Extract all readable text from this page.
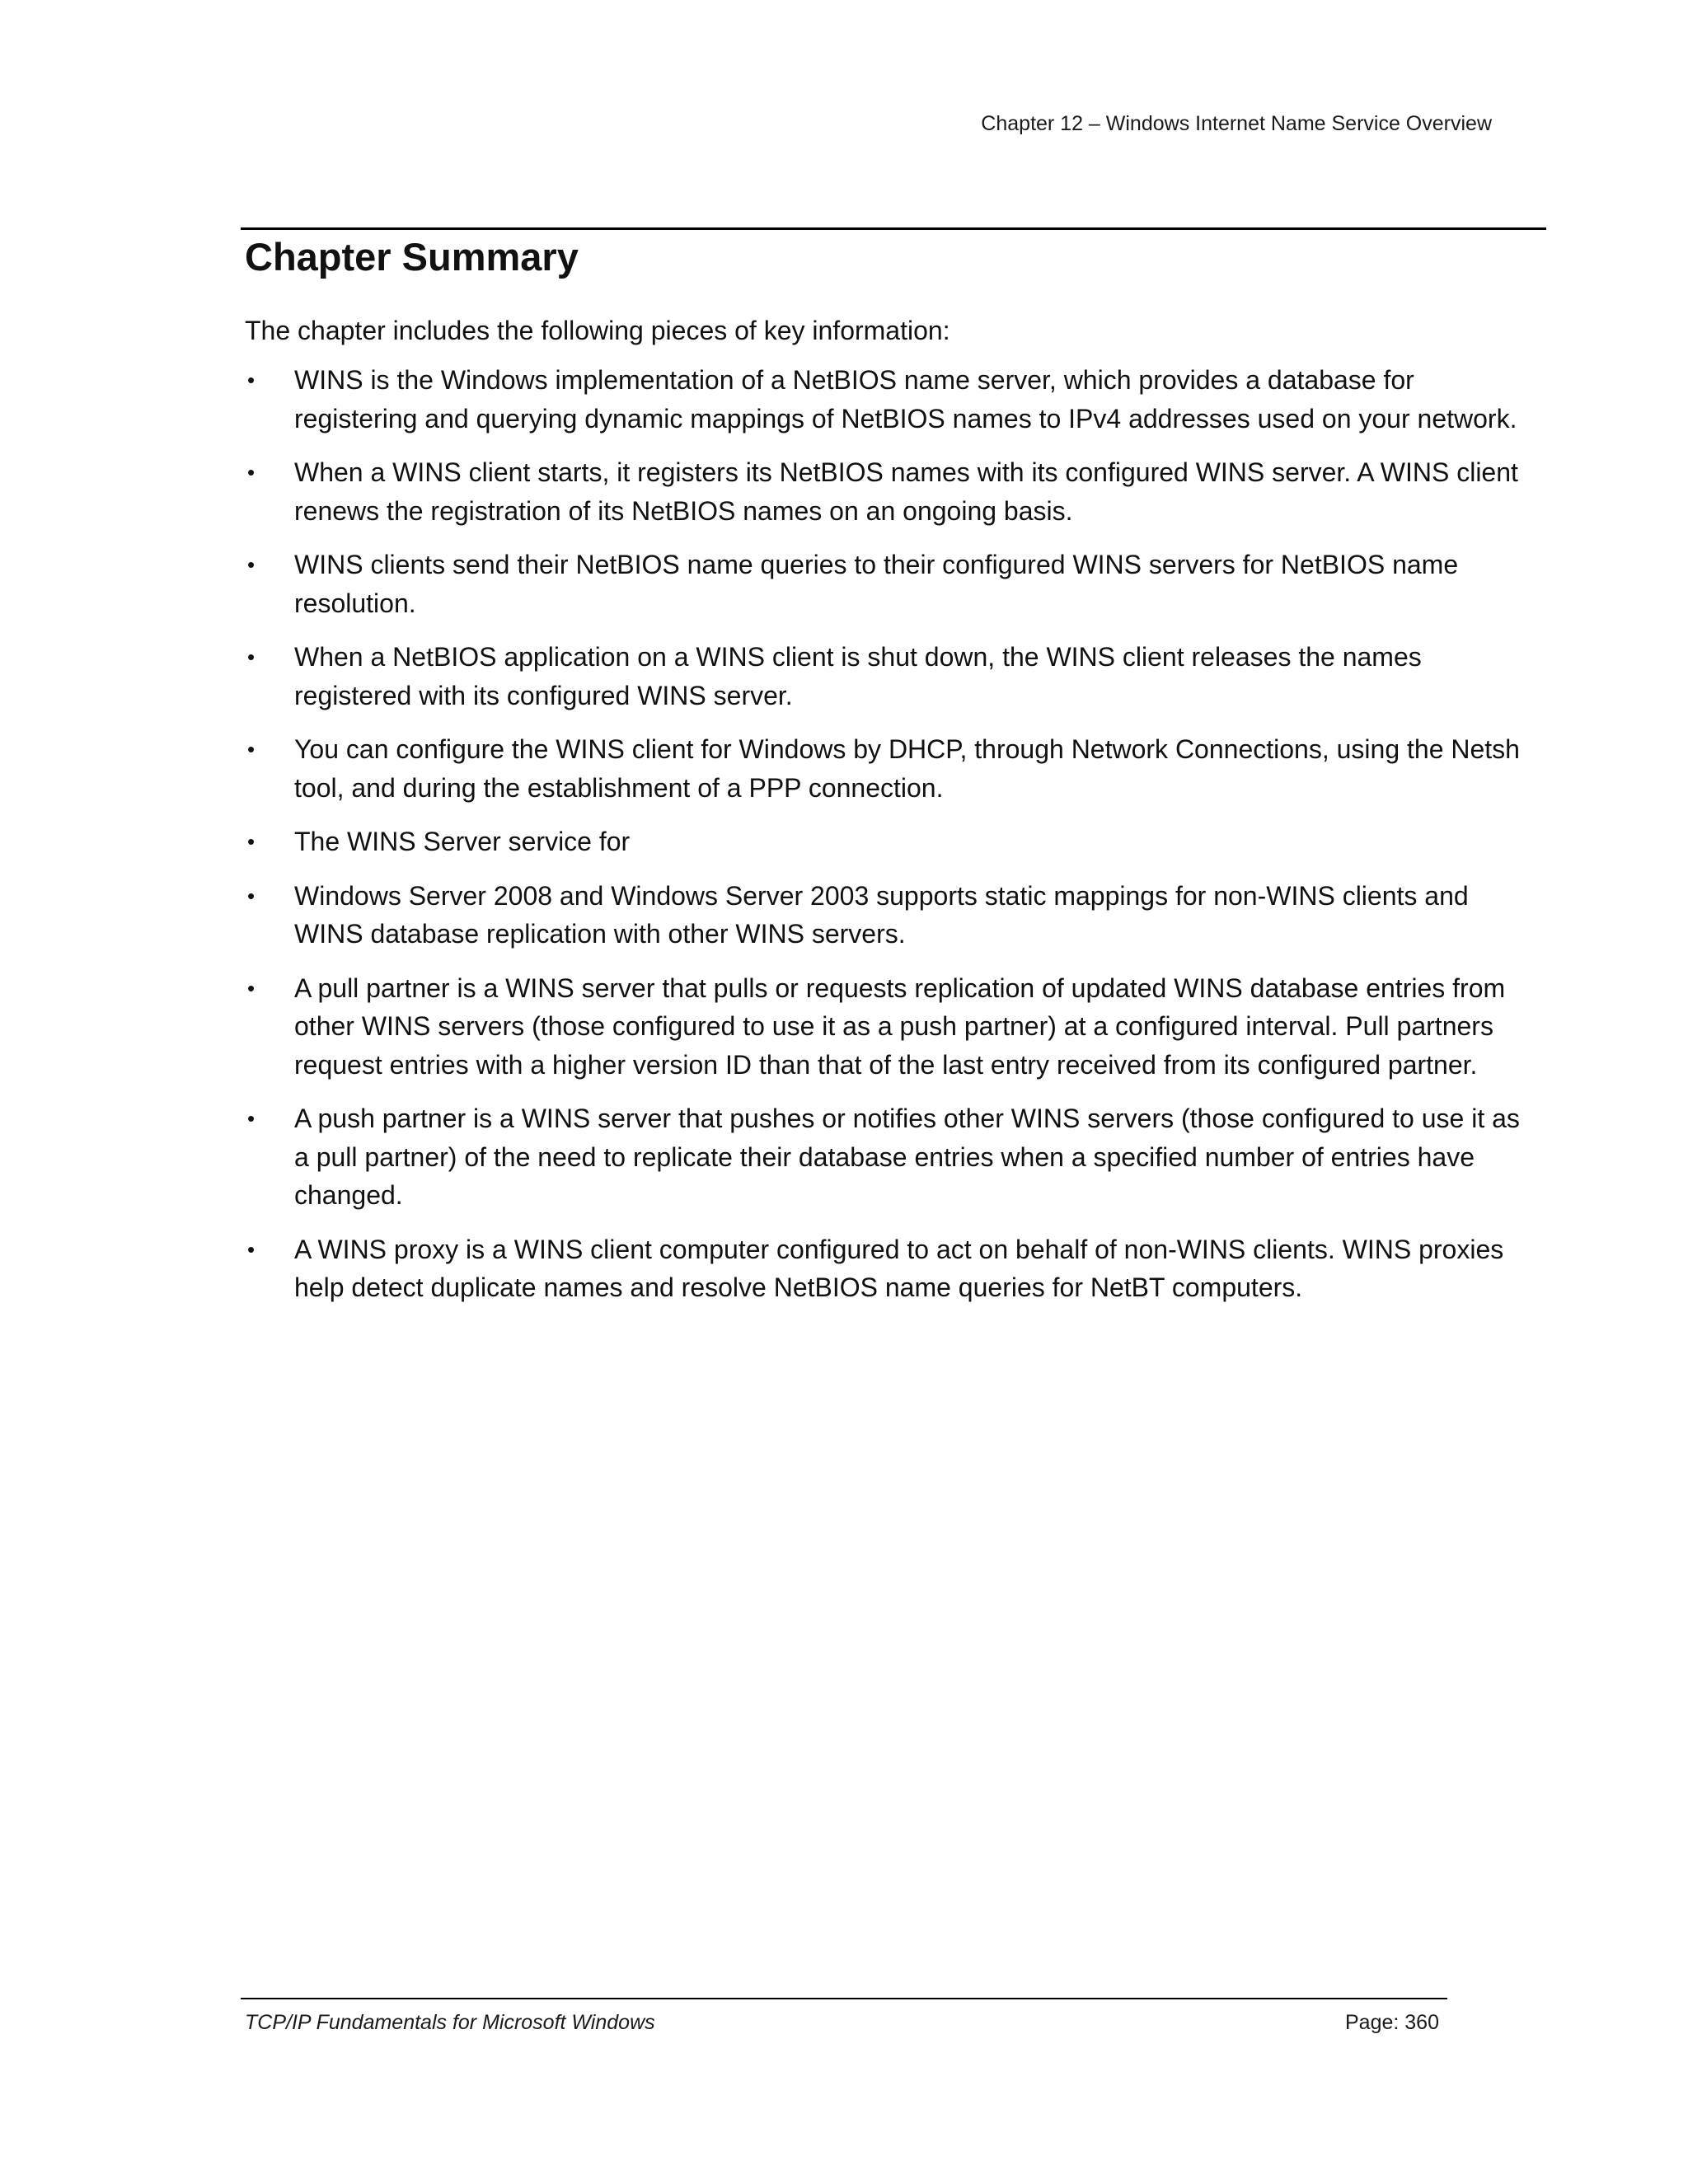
Chapter 12 – Windows Internet Name Service Overview
Chapter Summary

The chapter includes the following pieces of key information:

• WINS is the Windows implementation of a NetBIOS name server, which provides a database for registering and querying dynamic mappings of NetBIOS names to IPv4 addresses used on your network.
• When a WINS client starts, it registers its NetBIOS names with its configured WINS server. A WINS client renews the registration of its NetBIOS names on an ongoing basis.
• WINS clients send their NetBIOS name queries to their configured WINS servers for NetBIOS name resolution.
• When a NetBIOS application on a WINS client is shut down, the WINS client releases the names registered with its configured WINS server.
• You can configure the WINS client for Windows by DHCP, through Network Connections, using the Netsh tool, and during the establishment of a PPP connection.
• The WINS Server service for
• Windows Server 2008 and Windows Server 2003 supports static mappings for non-WINS clients and WINS database replication with other WINS servers.
• A pull partner is a WINS server that pulls or requests replication of updated WINS database entries from other WINS servers (those configured to use it as a push partner) at a configured interval. Pull partners request entries with a higher version ID than that of the last entry received from its configured partner.
• A push partner is a WINS server that pushes or notifies other WINS servers (those configured to use it as a pull partner) of the need to replicate their database entries when a specified number of entries have changed.
• A WINS proxy is a WINS client computer configured to act on behalf of non-WINS clients. WINS proxies help detect duplicate names and resolve NetBIOS name queries for NetBT computers.
TCP/IP Fundamentals for Microsoft Windows	Page: 360
